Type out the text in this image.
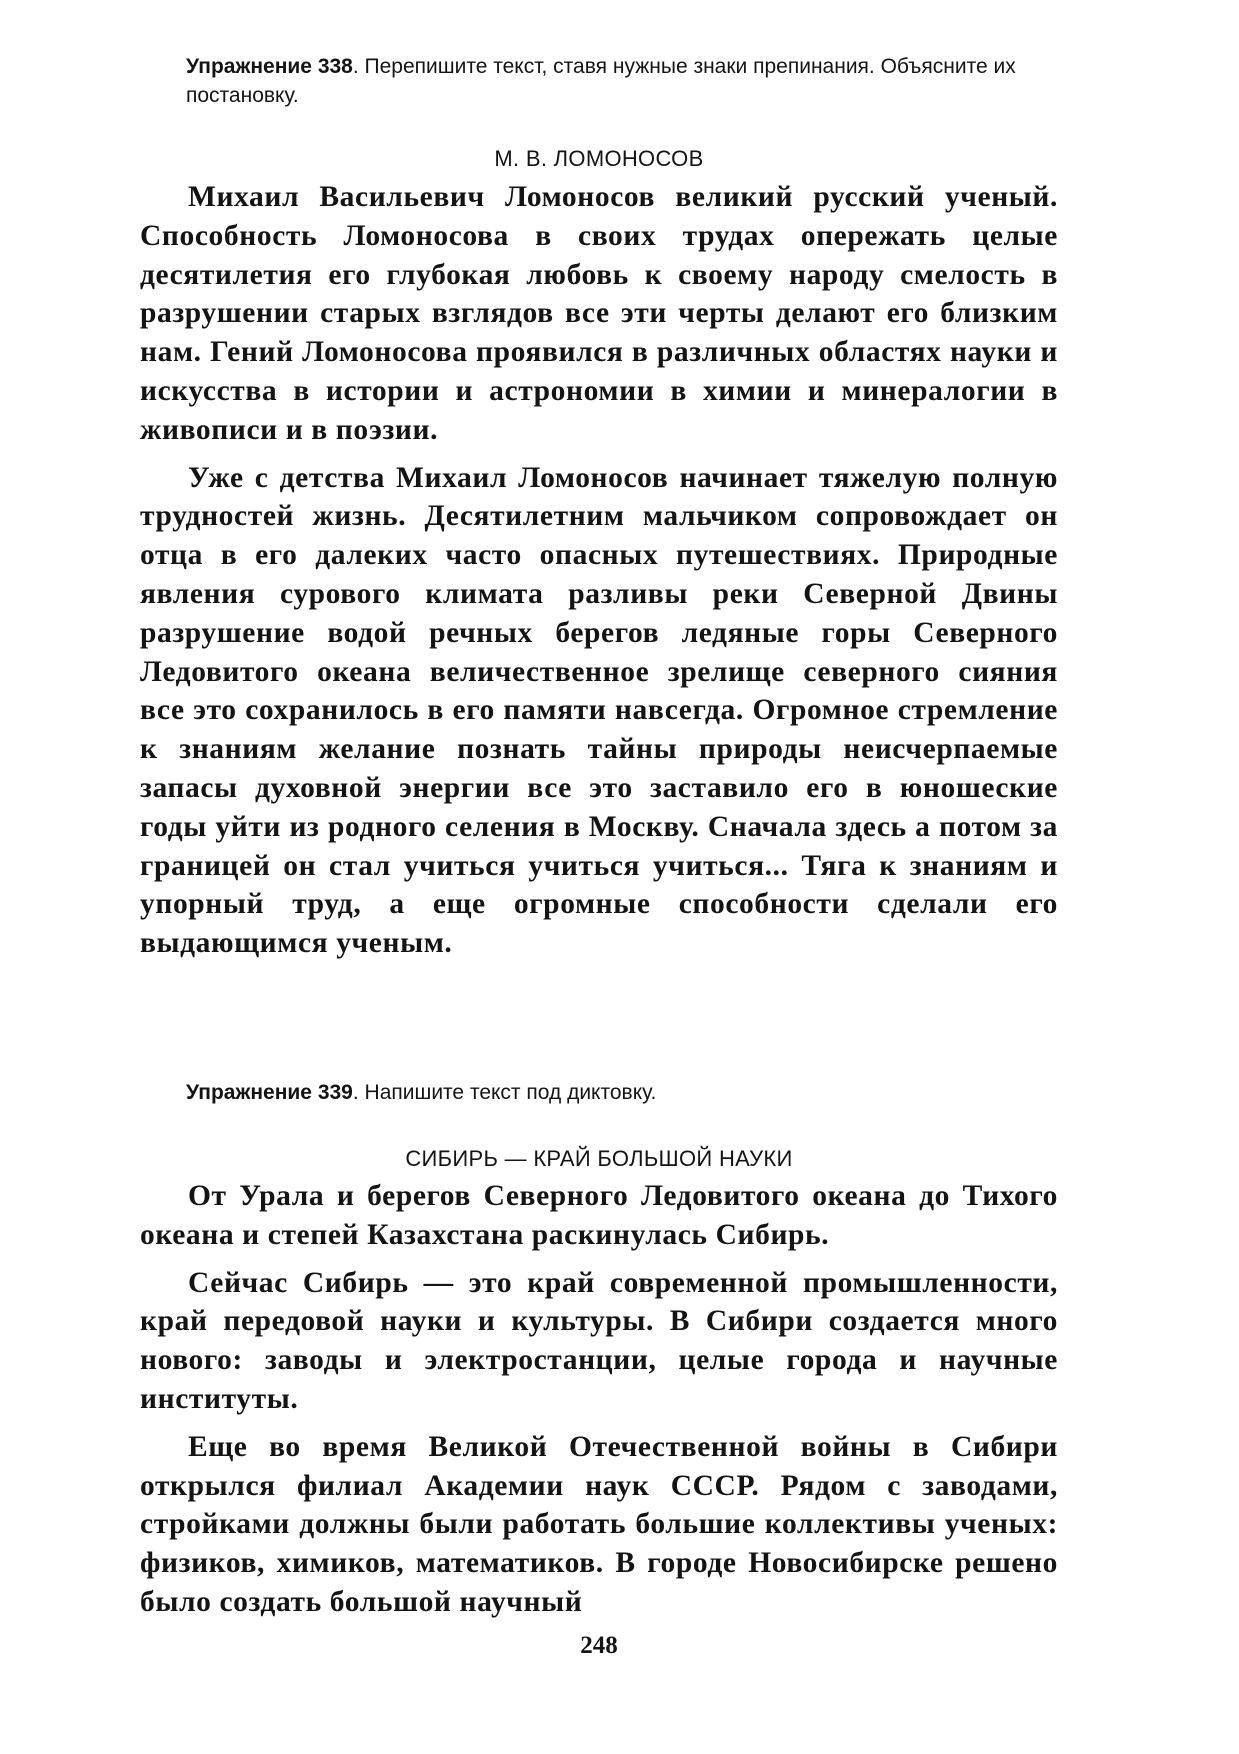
Упражнение 338. Перепишите текст, ставя нужные знаки препинания. Объясните их постановку.
М. В. ЛОМОНОСОВ

Михаил Васильевич Ломоносов великий русский ученый. Способность Ломоносова в своих трудах опережать целые десятилетия его глубокая любовь к своему народу смелость в разрушении старых взглядов все эти черты делают его близким нам. Гений Ломоносова проявился в различных областях науки и искусства в истории и астрономии в химии и минералогии в живописи и в поэзии.

Уже с детства Михаил Ломоносов начинает тяжелую полную трудностей жизнь. Десятилетним мальчиком сопровождает он отца в его далеких часто опасных путешествиях. Природные явления сурового климата разливы реки Северной Двины разрушение водой речных берегов ледяные горы Северного Ледовитого океана величественное зрелище северного сияния все это сохранилось в его памяти навсегда. Огромное стремление к знаниям желание познать тайны природы неисчерпаемые запасы духовной энергии все это заставило его в юношеские годы уйти из родного селения в Москву. Сначала здесь а потом за границей он стал учиться учиться учиться... Тяга к знаниям и упорный труд, а еще огромные способности сделали его выдающимся ученым.

Упражнение 339. Напишите текст под диктовку.
СИБИРЬ — КРАЙ БОЛЬШОЙ НАУКИ

От Урала и берегов Северного Ледовитого океана до Тихого океана и степей Казахстана раскинулась Сибирь.

Сейчас Сибирь — это край современной промышленности, край передовой науки и культуры. В Сибири создается много нового: заводы и электростанции, целые города и научные институты.

Еще во время Великой Отечественной войны в Сибири открылся филиал Академии наук СССР. Рядом с заводами, стройками должны были работать большие коллективы ученых: физиков, химиков, математиков. В городе Новосибирске решено было создать большой научный

248
